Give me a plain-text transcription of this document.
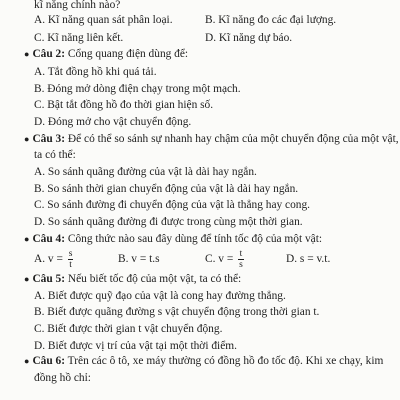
kĩ năng chính nào?
A. Kĩ năng quan sát phân loại.	B. Kĩ năng đo các đại lượng.
C. Kĩ năng liên kết.	D. Kĩ năng dự báo.
● Câu 2: Cổng quang điện dùng để:
A. Tắt đồng hồ khi quá tải.
B. Đóng mở dòng điện chạy trong một mạch.
C. Bật tắt đồng hồ đo thời gian hiện số.
D. Đóng mở cho vật chuyển động.
● Câu 3: Để có thể so sánh sự nhanh hay chậm của một chuyển động của một vật,
ta có thể:
A. So sánh quãng đường của vật là dài hay ngắn.
B. So sánh thời gian chuyển động của vật là dài hay ngắn.
C. So sánh đường đi chuyển động của vật là thẳng hay cong.
D. So sánh quãng đường đi được trong cùng một thời gian.
● Câu 4: Công thức nào sau đây dùng để tính tốc độ của một vật:
A. $v = \frac{s}{t}$	B. v = t.s	C. $v = \frac{t}{s}$	D. s = v.t.
● Câu 5: Nếu biết tốc độ của một vật, ta có thể:
A. Biết được quỹ đạo của vật là cong hay đường thẳng.
B. Biết được quãng đường s vật chuyển động trong thời gian t.
C. Biết được thời gian t vật chuyển động.
D. Biết được vị trí của vật tại một thời điểm.
● Câu 6: Trên các ô tô, xe máy thường có đồng hồ đo tốc độ. Khi xe chạy, kim
đồng hồ chỉ:
